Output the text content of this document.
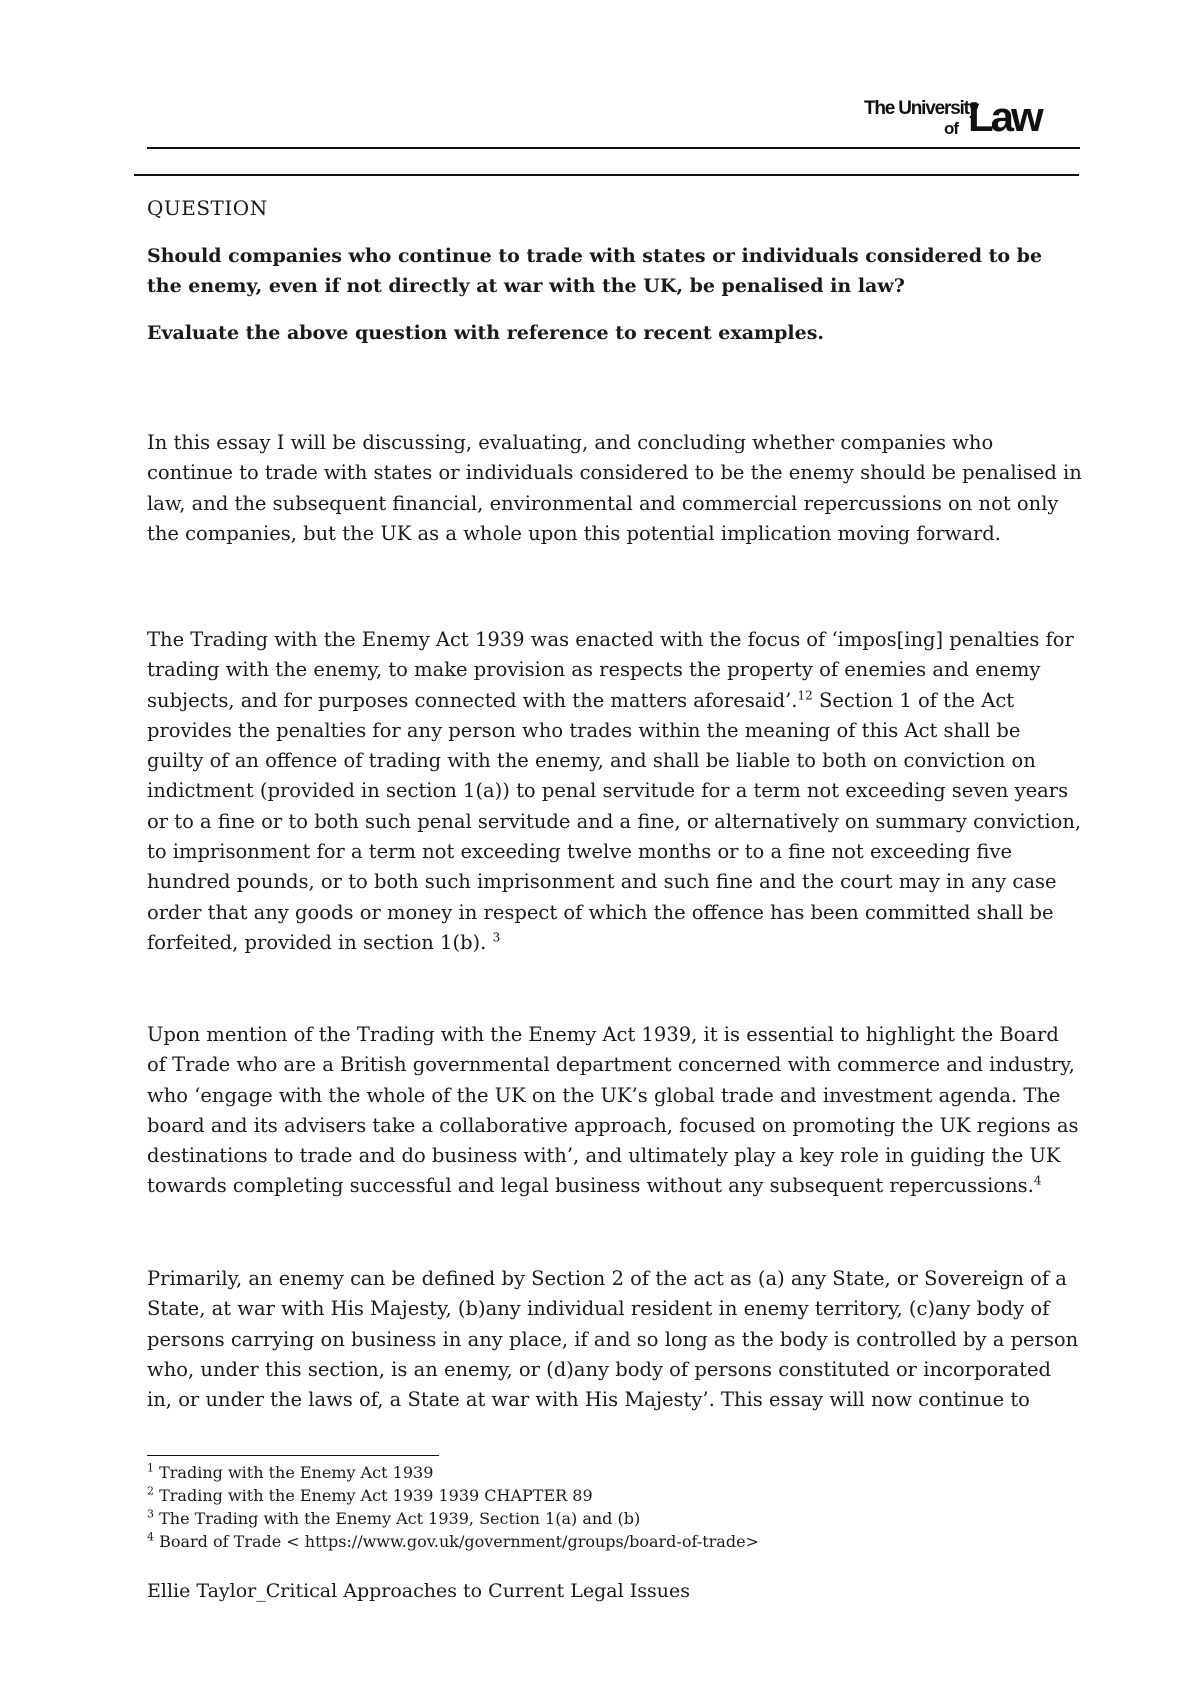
The University
of Law
QUESTION

Should companies who continue to trade with states or individuals considered to be the enemy, even if not directly at war with the UK, be penalised in law?

Evaluate the above question with reference to recent examples.

In this essay I will be discussing, evaluating, and concluding whether companies who continue to trade with states or individuals considered to be the enemy should be penalised in law, and the subsequent financial, environmental and commercial repercussions on not only the companies, but the UK as a whole upon this potential implication moving forward.

The Trading with the Enemy Act 1939 was enacted with the focus of ‘impos[ing] penalties for trading with the enemy, to make provision as respects the property of enemies and enemy subjects, and for purposes connected with the matters aforesaid’.$^{12}$ Section 1 of the Act provides the penalties for any person who trades within the meaning of this Act shall be guilty of an offence of trading with the enemy, and shall be liable to both on conviction on indictment (provided in section 1(a)) to penal servitude for a term not exceeding seven years or to a fine or to both such penal servitude and a fine, or alternatively on summary conviction, to imprisonment for a term not exceeding twelve months or to a fine not exceeding five hundred pounds, or to both such imprisonment and such fine and the court may in any case order that any goods or money in respect of which the offence has been committed shall be forfeited, provided in section 1(b). $^3$

Upon mention of the Trading with the Enemy Act 1939, it is essential to highlight the Board of Trade who are a British governmental department concerned with commerce and industry, who ‘engage with the whole of the UK on the UK’s global trade and investment agenda. The board and its advisers take a collaborative approach, focused on promoting the UK regions as destinations to trade and do business with’, and ultimately play a key role in guiding the UK towards completing successful and legal business without any subsequent repercussions.$^4$

Primarily, an enemy can be defined by Section 2 of the act as (a) any State, or Sovereign of a State, at war with His Majesty, (b)any individual resident in enemy territory, (c)any body of persons carrying on business in any place, if and so long as the body is controlled by a person who, under this section, is an enemy, or (d)any body of persons constituted or incorporated in, or under the laws of, a State at war with His Majesty’. This essay will now continue to

$^1$ Trading with the Enemy Act 1939

$^2$ Trading with the Enemy Act 1939 1939 CHAPTER 89

$^3$ The Trading with the Enemy Act 1939, Section 1(a) and (b)

$^4$ Board of Trade < https://www.gov.uk/government/groups/board-of-trade>

Ellie Taylor_Critical Approaches to Current Legal Issues
